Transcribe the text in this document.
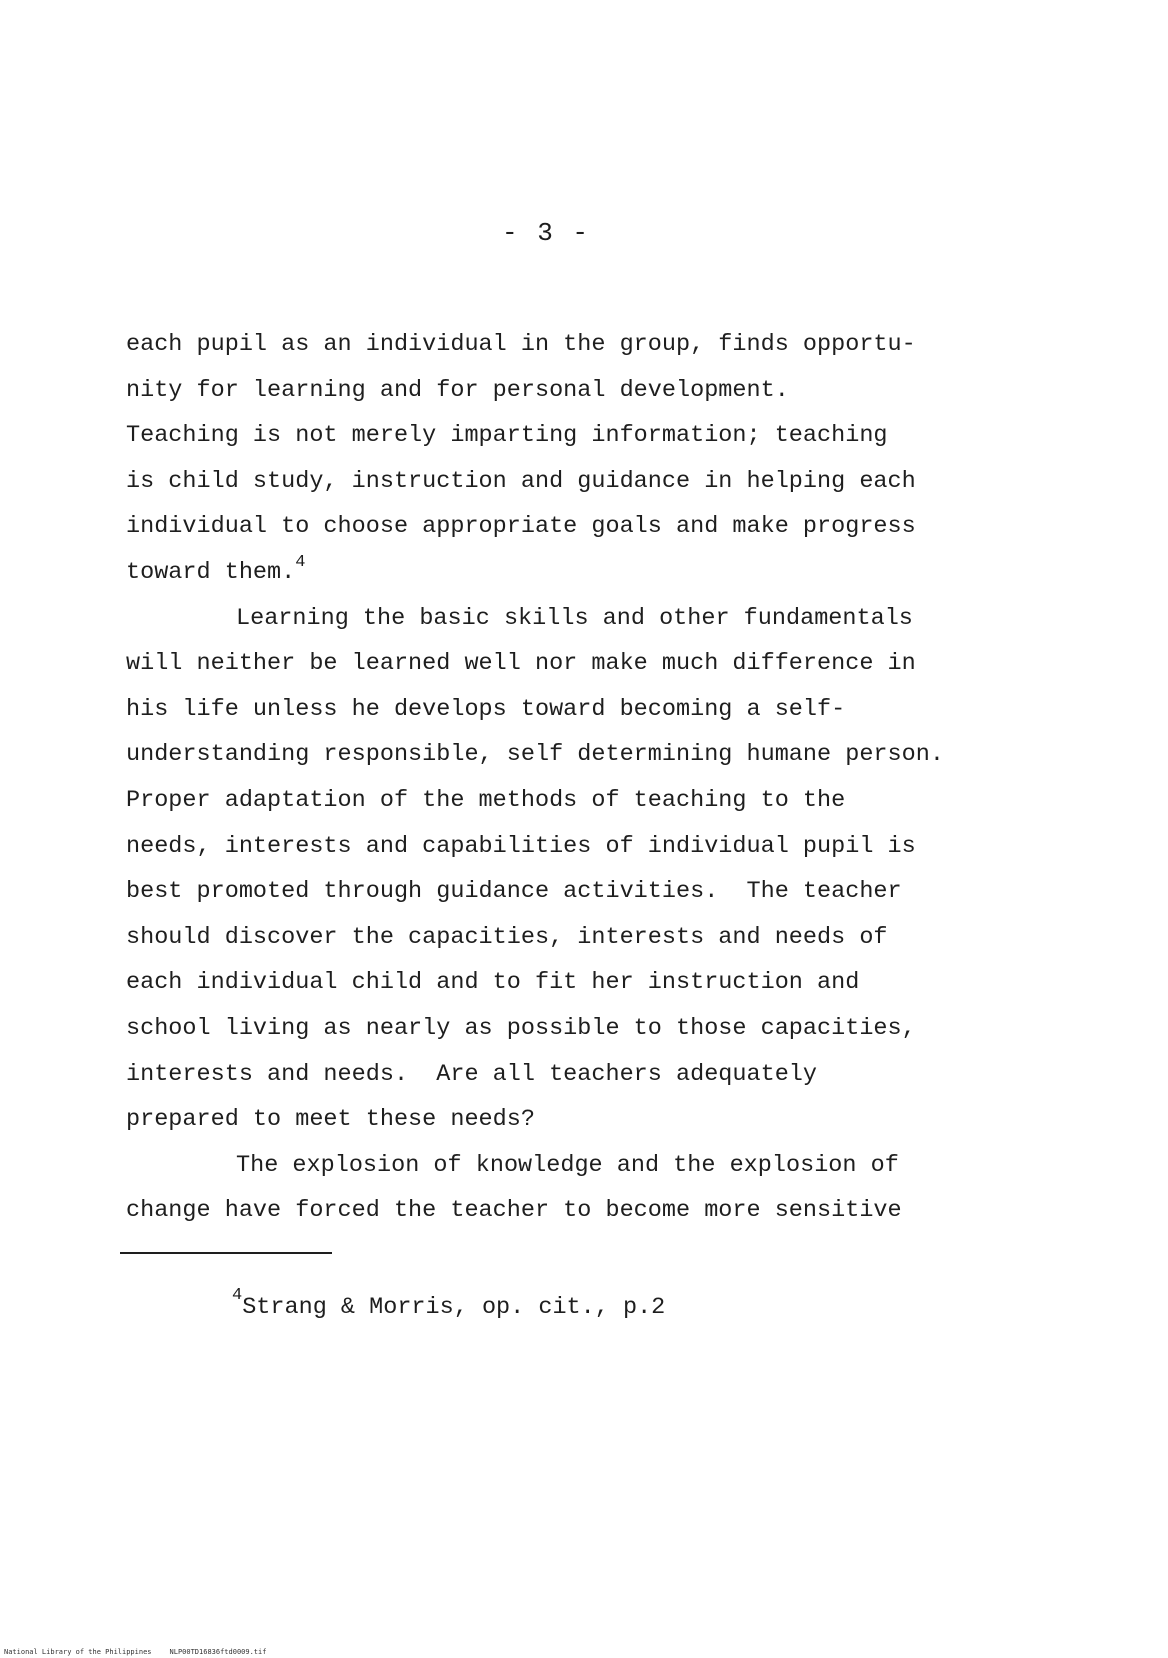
- 3 -
each pupil as an individual in the group, finds opportu-
nity for learning and for personal development.
Teaching is not merely imparting information; teaching
is child study, instruction and guidance in helping each
individual to choose appropriate goals and make progress
toward them.$^4$
Learning the basic skills and other fundamentals
will neither be learned well nor make much difference in
his life unless he develops toward becoming a self-
understanding responsible, self determining humane person.
Proper adaptation of the methods of teaching to the
needs, interests and capabilities of individual pupil is
best promoted through guidance activities.  The teacher
should discover the capacities, interests and needs of
each individual child and to fit her instruction and
school living as nearly as possible to those capacities,
interests and needs.  Are all teachers adequately
prepared to meet these needs?
The explosion of knowledge and the explosion of
change have forced the teacher to become more sensitive
$^4$Strang & Morris, op. cit., p.2
National Library of the Philippines	NLP00TD16836ftd0009.tif
